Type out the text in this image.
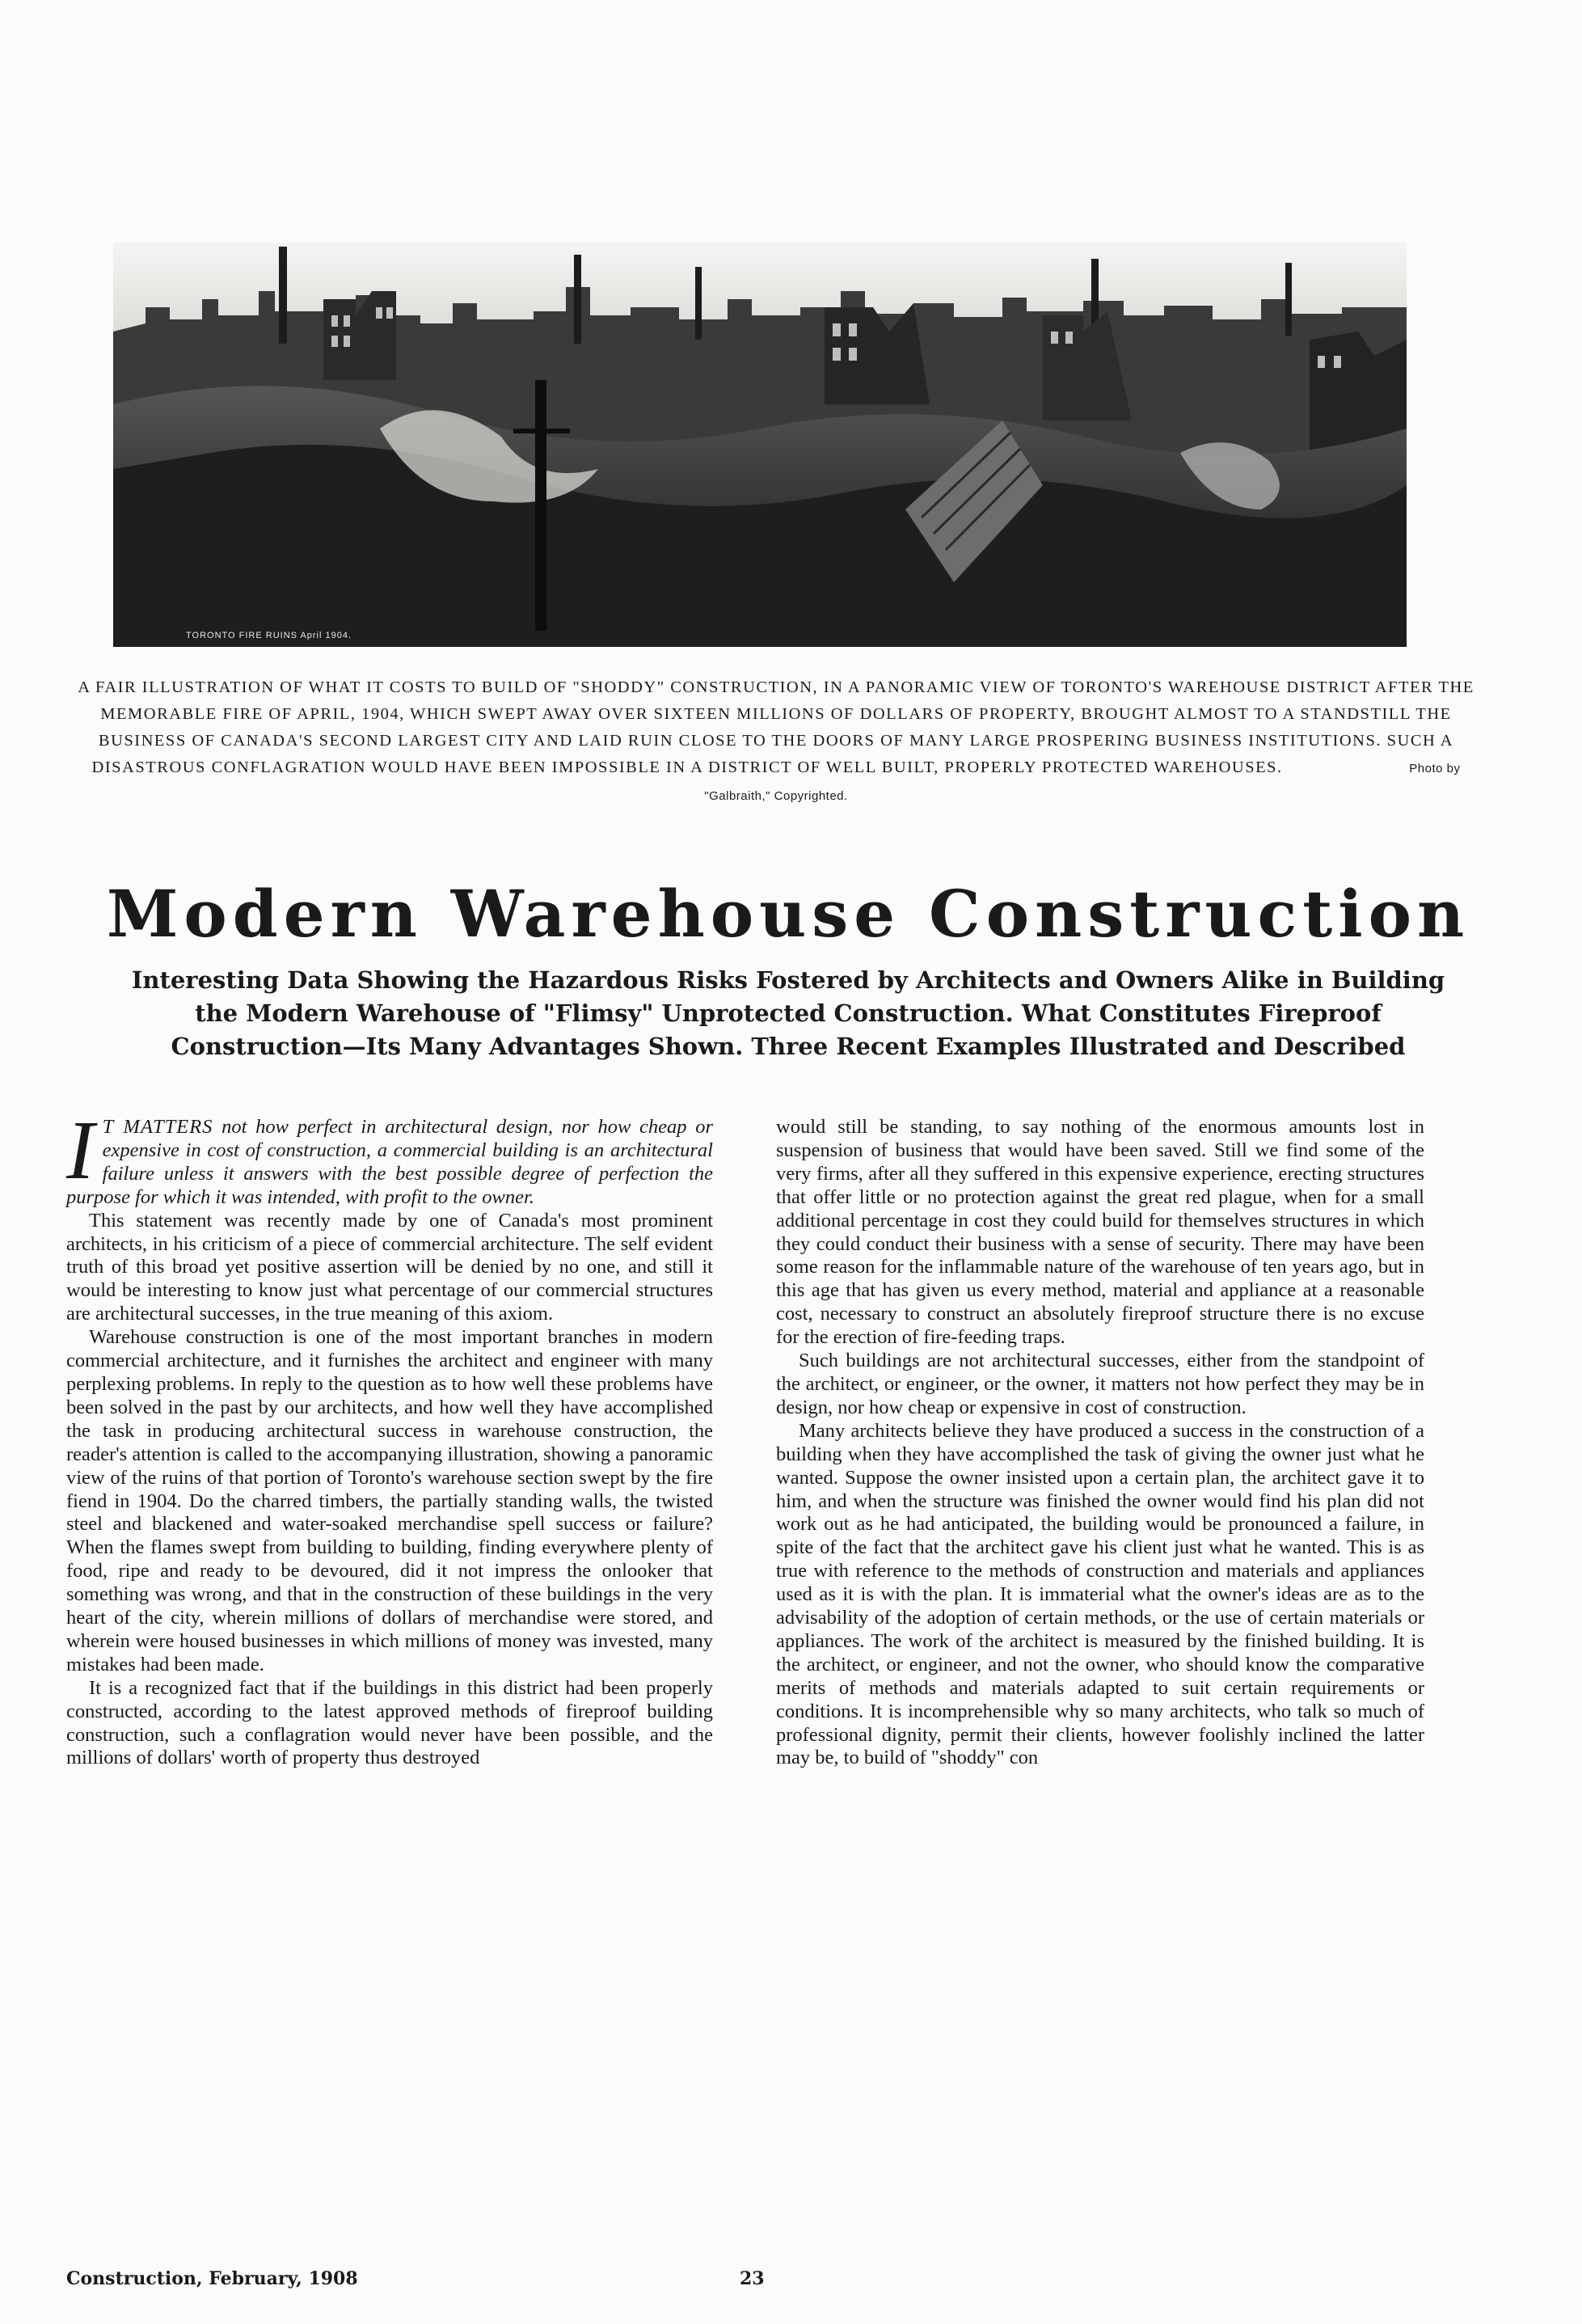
TORONTO FIRE RUINS April 1904.
A FAIR ILLUSTRATION OF WHAT IT COSTS TO BUILD OF "SHODDY" CONSTRUCTION, IN A PANORAMIC VIEW OF TORONTO'S WAREHOUSE DISTRICT AFTER THE MEMORABLE FIRE OF APRIL, 1904, WHICH SWEPT AWAY OVER SIXTEEN MILLIONS OF DOLLARS OF PROPERTY, BROUGHT ALMOST TO A STANDSTILL THE BUSINESS OF CANADA'S SECOND LARGEST CITY AND LAID RUIN CLOSE TO THE DOORS OF MANY LARGE PROSPERING BUSINESS INSTITUTIONS. SUCH A DISASTROUS CONFLAGRATION WOULD HAVE BEEN IMPOSSIBLE IN A DISTRICT OF WELL BUILT, PROPERLY PROTECTED WAREHOUSES.	Photo by "Galbraith," Copyrighted.
Modern Warehouse Construction
Interesting Data Showing the Hazardous Risks Fostered by Architects and Owners Alike in Building the Modern Warehouse of "Flimsy" Unprotected Construction. What Constitutes Fireproof Construction—Its Many Advantages Shown. Three Recent Examples Illustrated and Described

I T MATTERS not how perfect in architectural design, nor how cheap or expensive in cost of construction, a commercial building is an architectural failure unless it answers with the best possible degree of perfection the purpose for which it was intended, with profit to the owner.

This statement was recently made by one of Canada's most prominent architects, in his criticism of a piece of commercial architecture. The self evident truth of this broad yet positive assertion will be denied by no one, and still it would be interesting to know just what percentage of our commercial structures are architectural successes, in the true meaning of this axiom.

Warehouse construction is one of the most important branches in modern commercial architecture, and it furnishes the architect and engineer with many perplexing problems. In reply to the question as to how well these problems have been solved in the past by our architects, and how well they have accomplished the task in producing architectural success in warehouse construction, the reader's attention is called to the accompanying illustration, showing a panoramic view of the ruins of that portion of Toronto's warehouse section swept by the fire fiend in 1904. Do the charred timbers, the partially standing walls, the twisted steel and blackened and water-soaked merchandise spell success or failure? When the flames swept from building to building, finding everywhere plenty of food, ripe and ready to be devoured, did it not impress the onlooker that something was wrong, and that in the construction of these buildings in the very heart of the city, wherein millions of dollars of merchandise were stored, and wherein were housed businesses in which millions of money was invested, many mistakes had been made.

It is a recognized fact that if the buildings in this district had been properly constructed, according to the latest approved methods of fireproof building construction, such a conflagration would never have been possible, and the millions of dollars' worth of property thus destroyed

would still be standing, to say nothing of the enormous amounts lost in suspension of business that would have been saved. Still we find some of the very firms, after all they suffered in this expensive experience, erecting structures that offer little or no protection against the great red plague, when for a small additional percentage in cost they could build for themselves structures in which they could conduct their business with a sense of security. There may have been some reason for the inflammable nature of the warehouse of ten years ago, but in this age that has given us every method, material and appliance at a reasonable cost, necessary to construct an absolutely fireproof structure there is no excuse for the erection of fire-feeding traps.

Such buildings are not architectural successes, either from the standpoint of the architect, or engineer, or the owner, it matters not how perfect they may be in design, nor how cheap or expensive in cost of construction.

Many architects believe they have produced a success in the construction of a building when they have accomplished the task of giving the owner just what he wanted. Suppose the owner insisted upon a certain plan, the architect gave it to him, and when the structure was finished the owner would find his plan did not work out as he had anticipated, the building would be pronounced a failure, in spite of the fact that the architect gave his client just what he wanted. This is as true with reference to the methods of construction and materials and appliances used as it is with the plan. It is immaterial what the owner's ideas are as to the advisability of the adoption of certain methods, or the use of certain materials or appliances. The work of the architect is measured by the finished building. It is the architect, or engineer, and not the owner, who should know the comparative merits of methods and materials adapted to suit certain requirements or conditions. It is incomprehensible why so many architects, who talk so much of professional dignity, permit their clients, however foolishly inclined the latter may be, to build of "shoddy" con

Construction, February, 1908	23
